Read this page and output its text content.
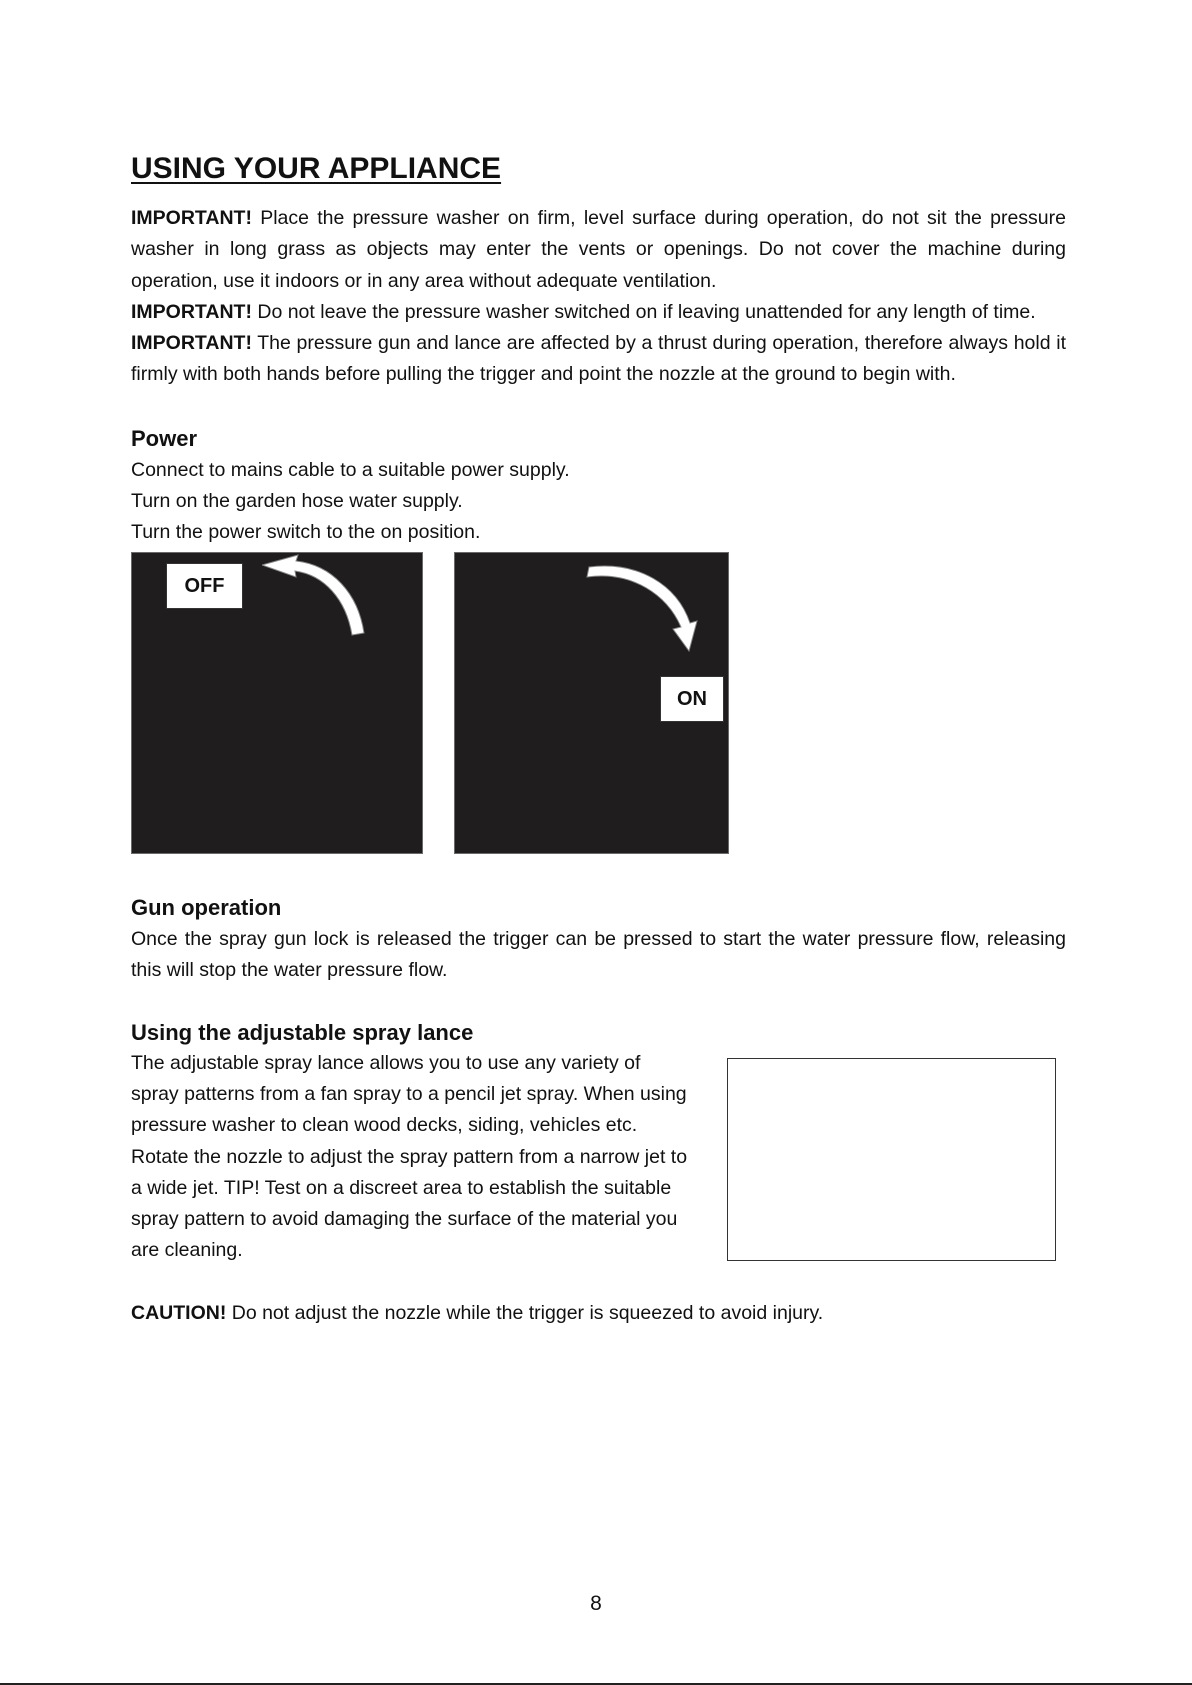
USING YOUR APPLIANCE

IMPORTANT! Place the pressure washer on firm, level surface during operation, do not sit the pressure washer in long grass as objects may enter the vents or openings. Do not cover the machine during operation, use it indoors or in any area without adequate ventilation.

IMPORTANT! Do not leave the pressure washer switched on if leaving unattended for any length of time.

IMPORTANT! The pressure gun and lance are affected by a thrust during operation, therefore always hold it firmly with both hands before pulling the trigger and point the nozzle at the ground to begin with.

Power

Connect to mains cable to a suitable power supply.

Turn on the garden hose water supply.

Turn the power switch to the on position.

OFF
ON
Gun operation

Once the spray gun lock is released the trigger can be pressed to start the water pressure flow, releasing this will stop the water pressure flow.

Using the adjustable spray lance

The adjustable spray lance allows you to use any variety of

spray patterns from a fan spray to a pencil jet spray. When using

pressure washer to clean wood decks, siding, vehicles etc.

Rotate the nozzle to adjust the spray pattern from a narrow jet to

a wide jet. TIP! Test on a discreet area to establish the suitable

spray pattern to avoid damaging the surface of the material you

are cleaning.

CAUTION! Do not adjust the nozzle while the trigger is squeezed to avoid injury.

8
